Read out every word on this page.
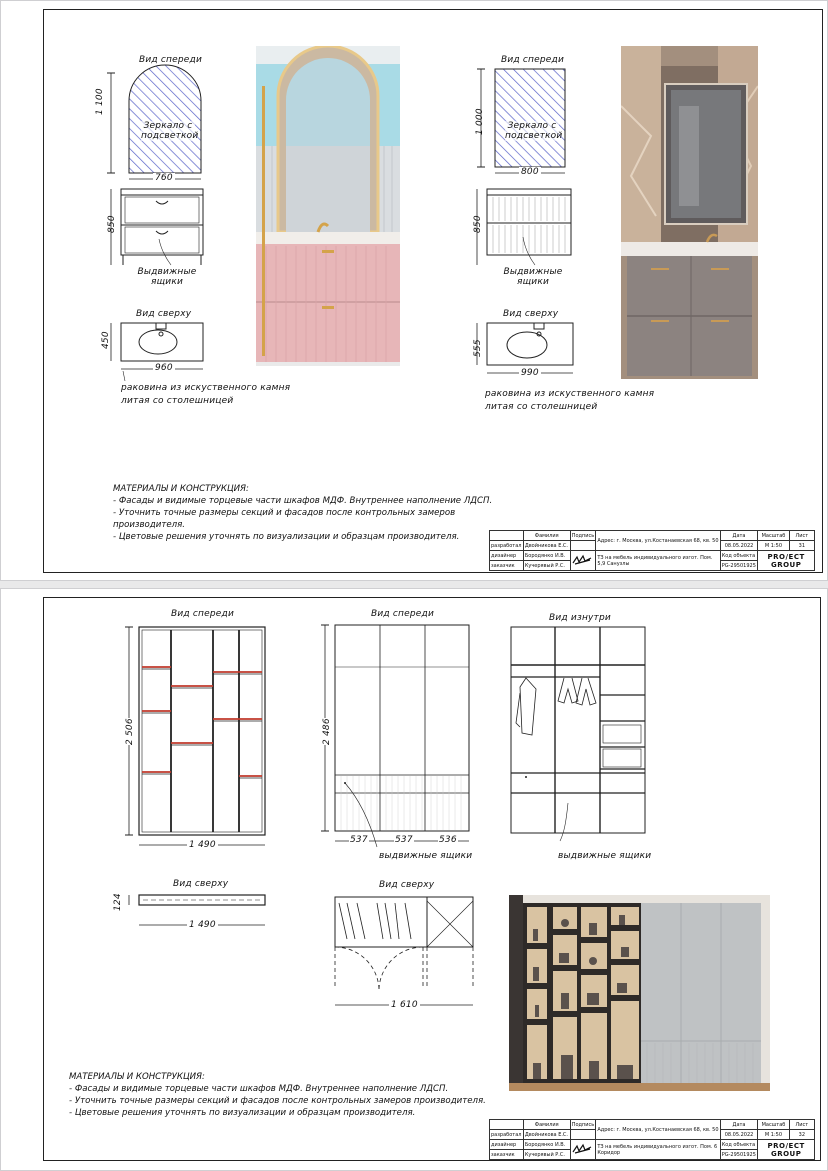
Вид спереди
Зеркало с подсветкой
1 100
760
850
Выдвижные ящики
Вид сверху
450
960
раковина из искуственного камня
литая со столешницей
Вид спереди
Зеркало с подсветкой
1 000
800
850
Выдвижные ящики
Вид сверху
555
990
раковина из искуственного камня
литая со столешницей
МАТЕРИАЛЫ И КОНСТРУКЦИЯ:
- Фасады и видимые торцевые части шкафов МДФ. Внутреннее наполнение ЛДСП.
- Уточнить точные размеры секций и фасадов после контрольных замеров
производителя.
- Цветовые решения уточнять по визуализации и образцам производителя.
		Фамилия	Подпись	Адрес: г. Москва, ул.Костанаевская 68, кв. 50	Дата	Масштаб	Лист
разработал	Двойникова Е.С.			08.05.2022	М 1:50	31
дизайнер	Бородянко И.В.		ТЗ на мебель индивидуального изгот. Пом. 5,9 Санузлы	Код объекта	PRO/ECT
GROUP	

заказчик	Кучерявый Р.С.			PG-29501925		
Вид спереди
2 506
1 490
Вид спереди
2 486
537	537	536
выдвижные ящики
Вид изнутри
выдвижные ящики
Вид сверху
124
1 490
Вид сверху
1 610
МАТЕРИАЛЫ И КОНСТРУКЦИЯ:
- Фасады и видимые торцевые части шкафов МДФ. Внутреннее наполнение ЛДСП.
- Уточнить точные размеры секций и фасадов после контрольных замеров производителя.
- Цветовые решения уточнять по визуализации и образцам производителя.
	Фамилия	Подпись	Адрес: г. Москва, ул.Костанаевская 68, кв. 50	Дата	Масштаб	Лист
разработал	Двойникова Е.С.			08.05.2022	М 1:50	32
дизайнер	Бородянко И.В.		ТЗ на мебель индивидуального изгот. Пом. 6 Коридор	Код объекта	PRO/ECT
GROUP	

заказчик	Кучерявый Р.С.			PG-29501925		
